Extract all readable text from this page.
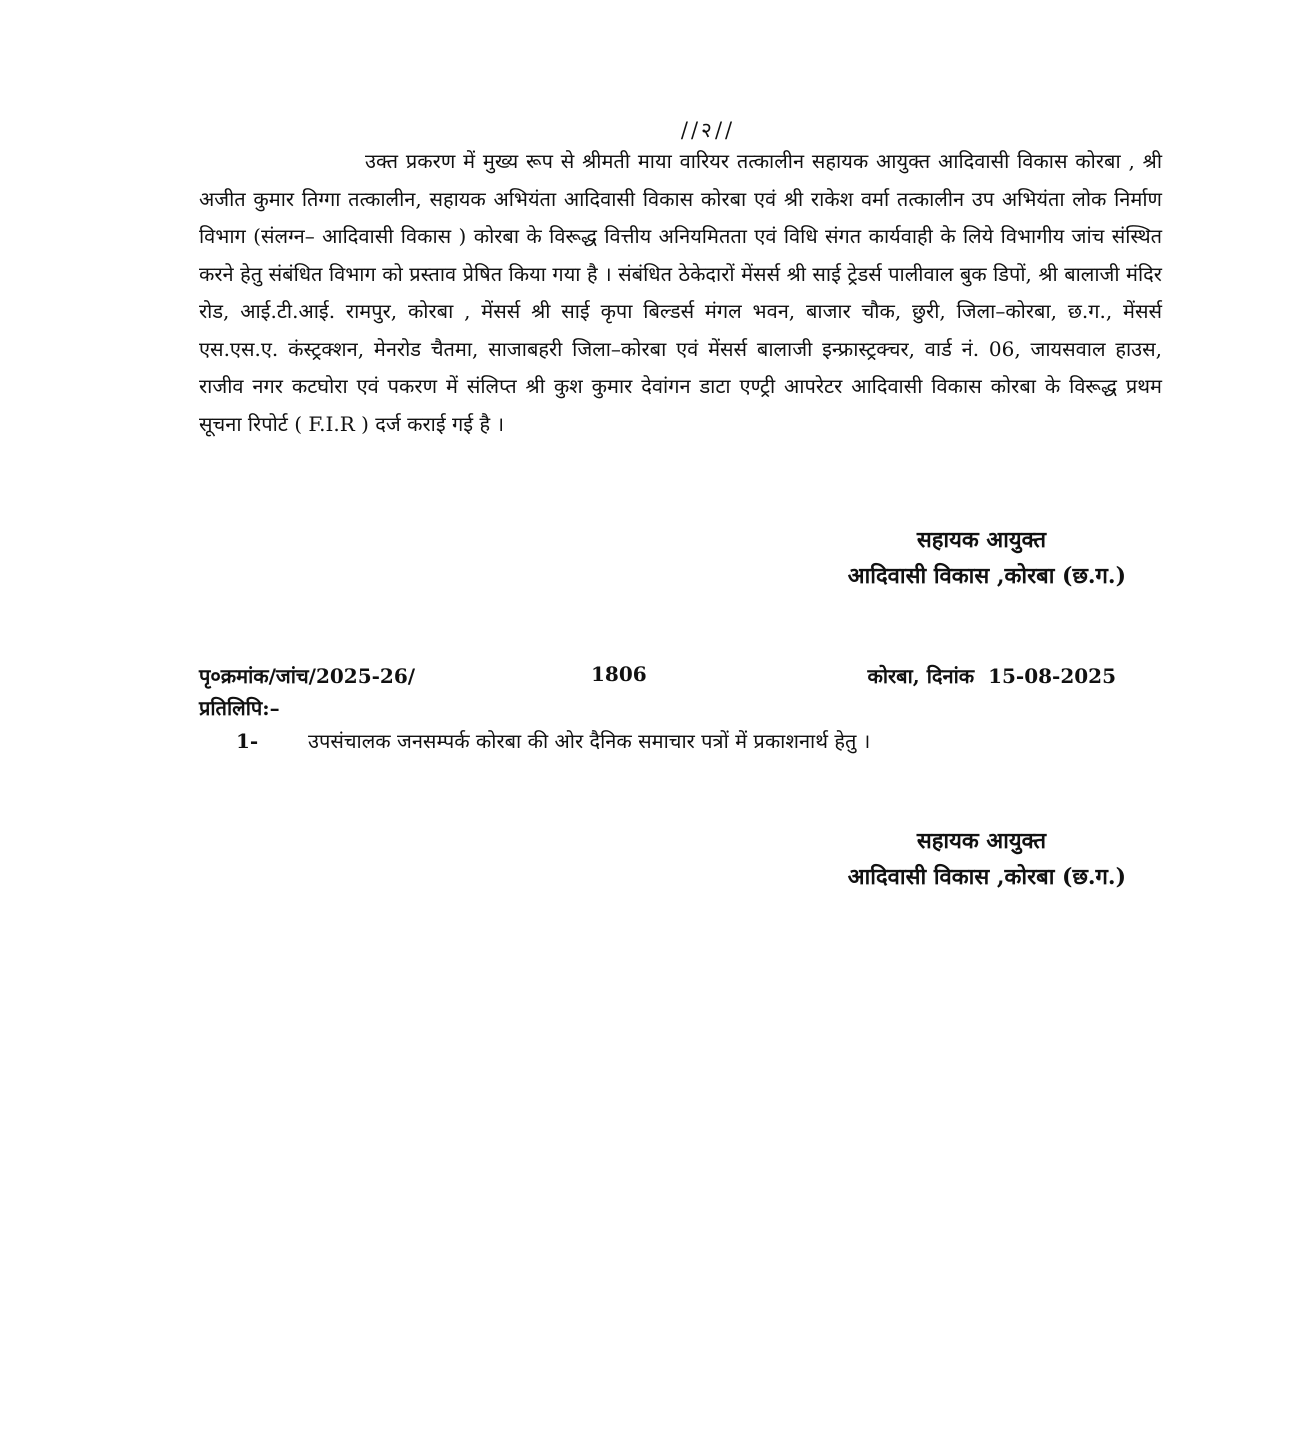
//२//

उक्त प्रकरण में मुख्य रूप से श्रीमती माया वारियर तत्कालीन सहायक आयुक्त आदिवासी विकास कोरबा , श्री अजीत कुमार तिग्गा तत्कालीन, सहायक अभियंता आदिवासी विकास कोरबा एवं श्री राकेश वर्मा तत्कालीन उप अभियंता लोक निर्माण विभाग (संलग्न– आदिवासी विकास ) कोरबा के विरूद्ध वित्तीय अनियमितता एवं विधि संगत कार्यवाही के लिये विभागीय जांच संस्थित करने हेतु संबंधित विभाग को प्रस्ताव प्रेषित किया गया है । संबंधित ठेकेदारों मेंसर्स श्री साई ट्रेडर्स पालीवाल बुक डिपों, श्री बालाजी मंदिर रोड, आई.टी.आई. रामपुर, कोरबा , मेंसर्स श्री साई कृपा बिल्डर्स मंगल भवन, बाजार चौक, छुरी, जिला–कोरबा, छ.ग., मेंसर्स एस.एस.ए. कंस्ट्रक्शन, मेनरोड चैतमा, साजाबहरी जिला–कोरबा एवं मेंसर्स बालाजी इन्फ्रास्ट्रक्चर, वार्ड नं. 06, जायसवाल हाउस, राजीव नगर कटघोरा एवं पकरण में संलिप्त श्री कुश कुमार देवांगन डाटा एण्ट्री आपरेटर आदिवासी विकास कोरबा के विरूद्ध प्रथम सूचना रिपोर्ट ( F.I.R ) दर्ज कराई गई है ।

सहायक आयुक्त
आदिवासी विकास ,कोरबा (छ.ग.)
पृ०क्रमांक/जांच/2025-26/	1806	कोरबा, दिनांक  15-08-2025
प्रतिलिपि:–
1- उपसंचालक जनसम्पर्क कोरबा की ओर दैनिक समाचार पत्रों में प्रकाशनार्थ हेतु ।
सहायक आयुक्त
आदिवासी विकास ,कोरबा (छ.ग.)
